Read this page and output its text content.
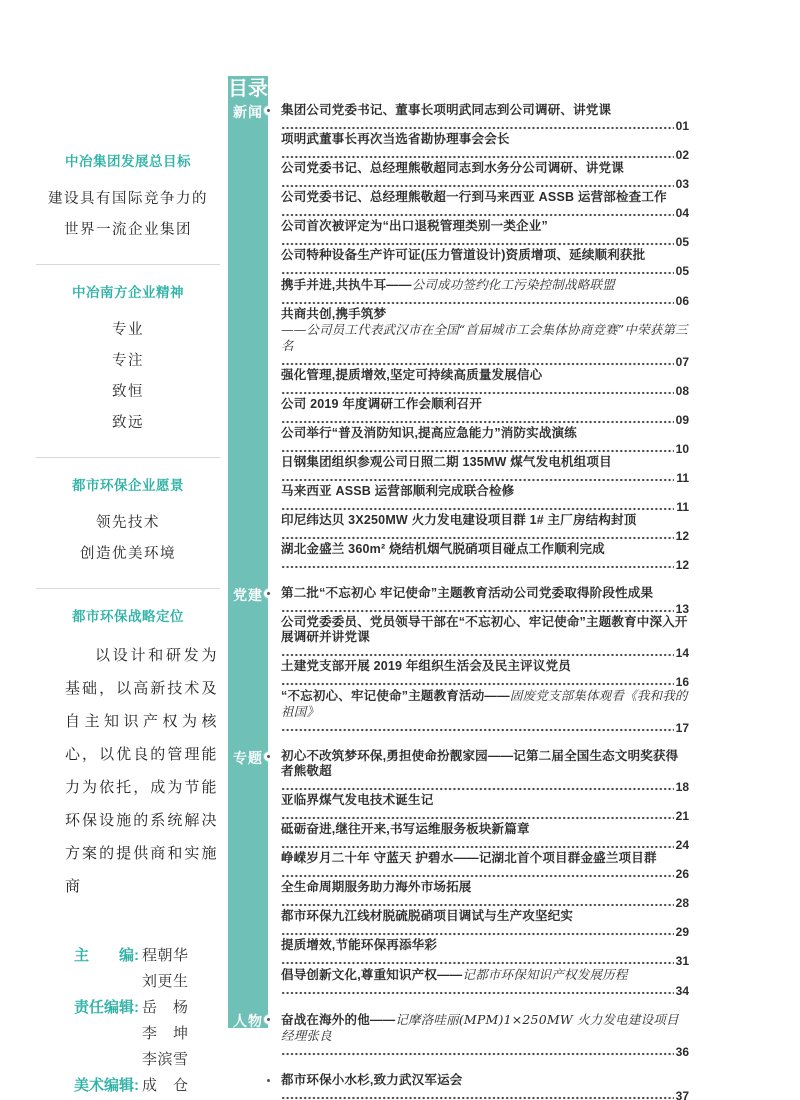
中冶集团发展总目标
建设具有国际竞争力的
世界一流企业集团
中冶南方企业精神
专业
专注
致恒
致远
都市环保企业愿景
领先技术
创造优美环境
都市环保战略定位
以设计和研发为基础，以高新技术及自主知识产权为核心，以优良的管理能力为依托，成为节能环保设施的系统解决方案的提供商和实施商
主　　编: 程朝华
刘更生
责任编辑: 岳　杨
李　坤
李滨雪
美术编辑: 成　仓
目录
新闻	集团公司党委书记、董事长项明武同志到公司调研、讲党课
01
项明武董事长再次当选省勘协理事会会长
02
公司党委书记、总经理熊敬超同志到水务分公司调研、讲党课
03
公司党委书记、总经理熊敬超一行到马来西亚 ASSB 运营部检查工作
04
公司首次被评定为“出口退税管理类别一类企业”
05
公司特种设备生产许可证(压力管道设计)资质增项、延续顺利获批
05
携手并进,共执牛耳——公司成功签约化工污染控制战略联盟
06
共商共创,携手筑梦
——公司员工代表武汉市在全国“首届城市工会集体协商竞赛”中荣获第三名
07
强化管理,提质增效,坚定可持续高质量发展信心
08
公司 2019 年度调研工作会顺利召开
09
公司举行“普及消防知识,提高应急能力”消防实战演练
10
日钢集团组织参观公司日照二期 135MW 煤气发电机组项目
11
马来西亚 ASSB 运营部顺利完成联合检修
11
印尼纬达贝 3X250MW 火力发电建设项目群 1# 主厂房结构封顶
12
湖北金盛兰 360m² 烧结机烟气脱硝项目碰点工作顺利完成
12
党建	第二批“不忘初心 牢记使命”主题教育活动公司党委取得阶段性成果
13
公司党委委员、党员领导干部在“不忘初心、牢记使命”主题教育中深入开展调研并讲党课
14
土建党支部开展 2019 年组织生活会及民主评议党员
16
“不忘初心、牢记使命”主题教育活动——固废党支部集体观看《我和我的祖国》
17
专题	初心不改筑梦环保,勇担使命扮靓家园——记第二届全国生态文明奖获得者熊敬超
18
亚临界煤气发电技术诞生记
21
砥砺奋进,继往开来,书写运维服务板块新篇章
24
峥嵘岁月二十年 守蓝天 护碧水——记湖北首个项目群金盛兰项目群
26
全生命周期服务助力海外市场拓展
28
都市环保九江线材脱硫脱硝项目调试与生产攻坚纪实
29
提质增效,节能环保再添华彩
31
倡导创新文化,尊重知识产权——记都市环保知识产权发展历程
34
人物	奋战在海外的他——记摩洛哇丽(MPM)1×250MW 火力发电建设项目经理张良
36
文化	都市环保小水杉,致力武汉军运会
37
